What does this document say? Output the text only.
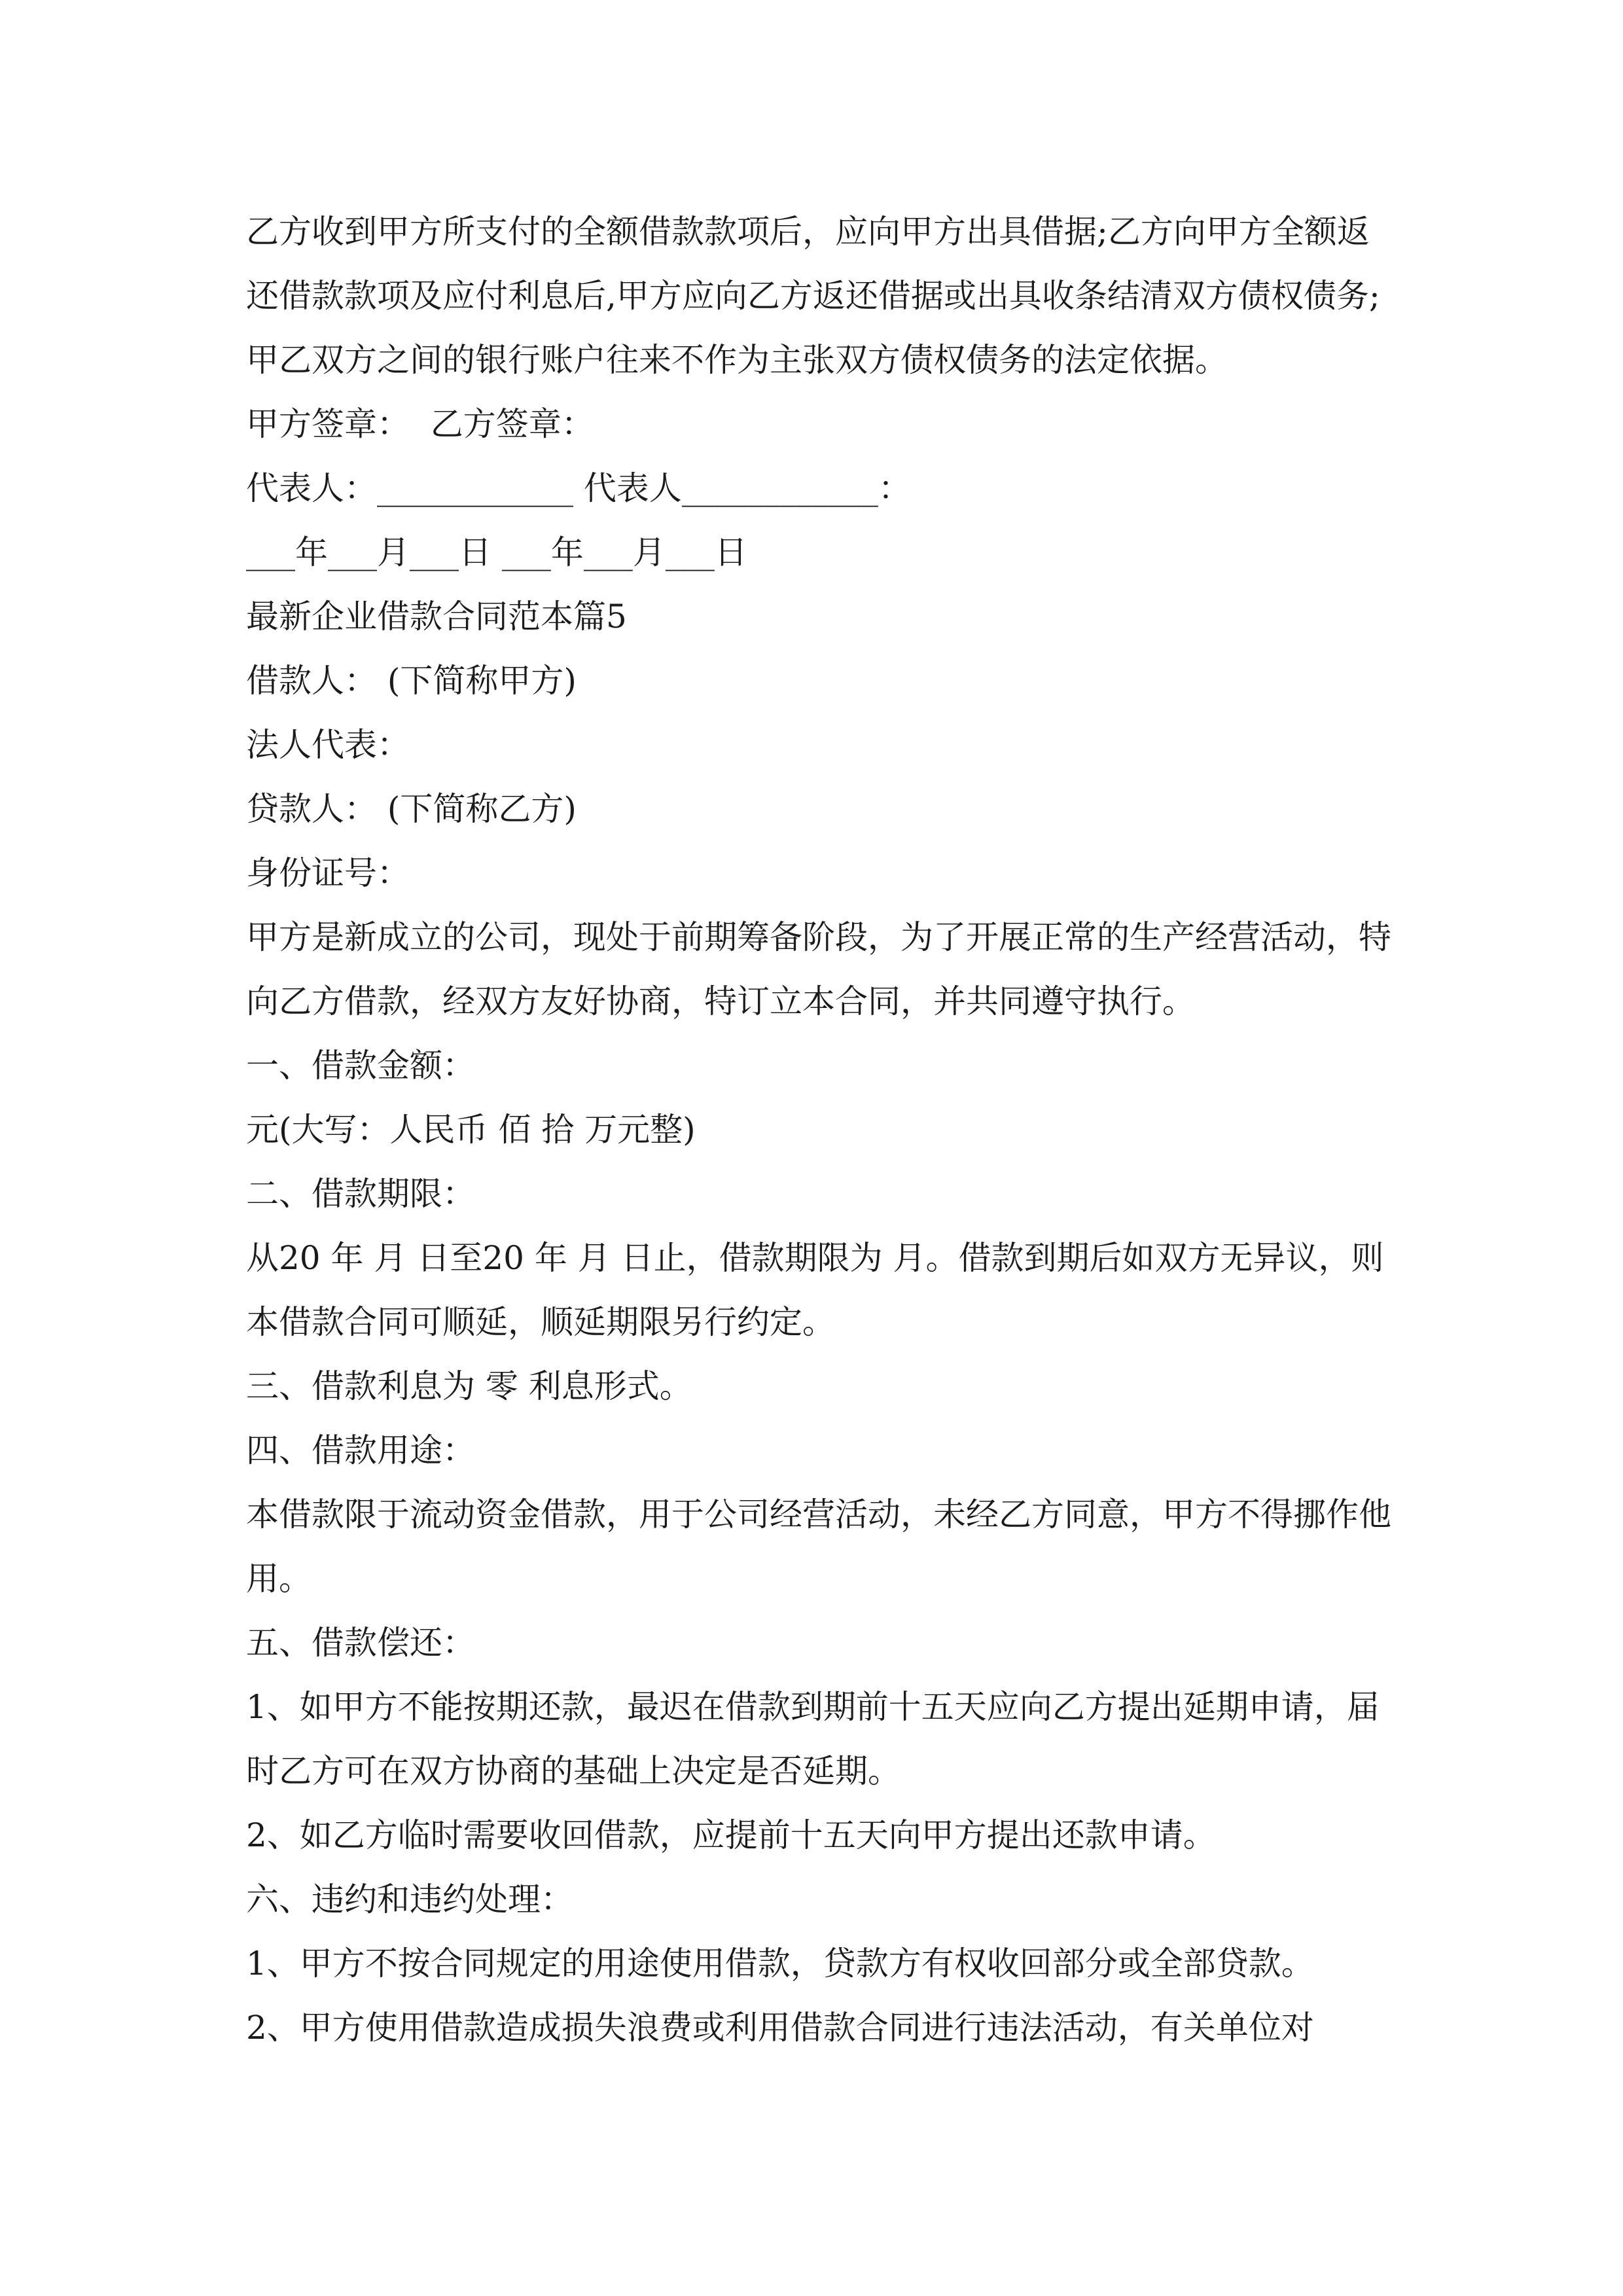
乙方收到甲方所支付的全额借款款项后，应向甲方出具借据;乙方向甲方全额返
还借款款项及应付利息后,甲方应向乙方返还借据或出具收条结清双方债权债务;
甲乙双方之间的银行账户往来不作为主张双方债权债务的法定依据。
甲方签章：  乙方签章：
代表人：____________ 代表人____________：
___年___月___日 ___年___月___日
最新企业借款合同范本篇5
借款人： (下简称甲方)
法人代表：
贷款人： (下简称乙方)
身份证号：
甲方是新成立的公司，现处于前期筹备阶段，为了开展正常的生产经营活动，特
向乙方借款，经双方友好协商，特订立本合同，并共同遵守执行。
一、借款金额：
元(大写：人民币 佰 拾 万元整)
二、借款期限：
从20 年 月 日至20 年 月 日止，借款期限为 月。借款到期后如双方无异议，则
本借款合同可顺延，顺延期限另行约定。
三、借款利息为 零 利息形式。
四、借款用途：
本借款限于流动资金借款，用于公司经营活动，未经乙方同意，甲方不得挪作他
用。
五、借款偿还：
1、如甲方不能按期还款，最迟在借款到期前十五天应向乙方提出延期申请，届
时乙方可在双方协商的基础上决定是否延期。
2、如乙方临时需要收回借款，应提前十五天向甲方提出还款申请。
六、违约和违约处理：
1、甲方不按合同规定的用途使用借款，贷款方有权收回部分或全部贷款。
2、甲方使用借款造成损失浪费或利用借款合同进行违法活动，有关单位对
